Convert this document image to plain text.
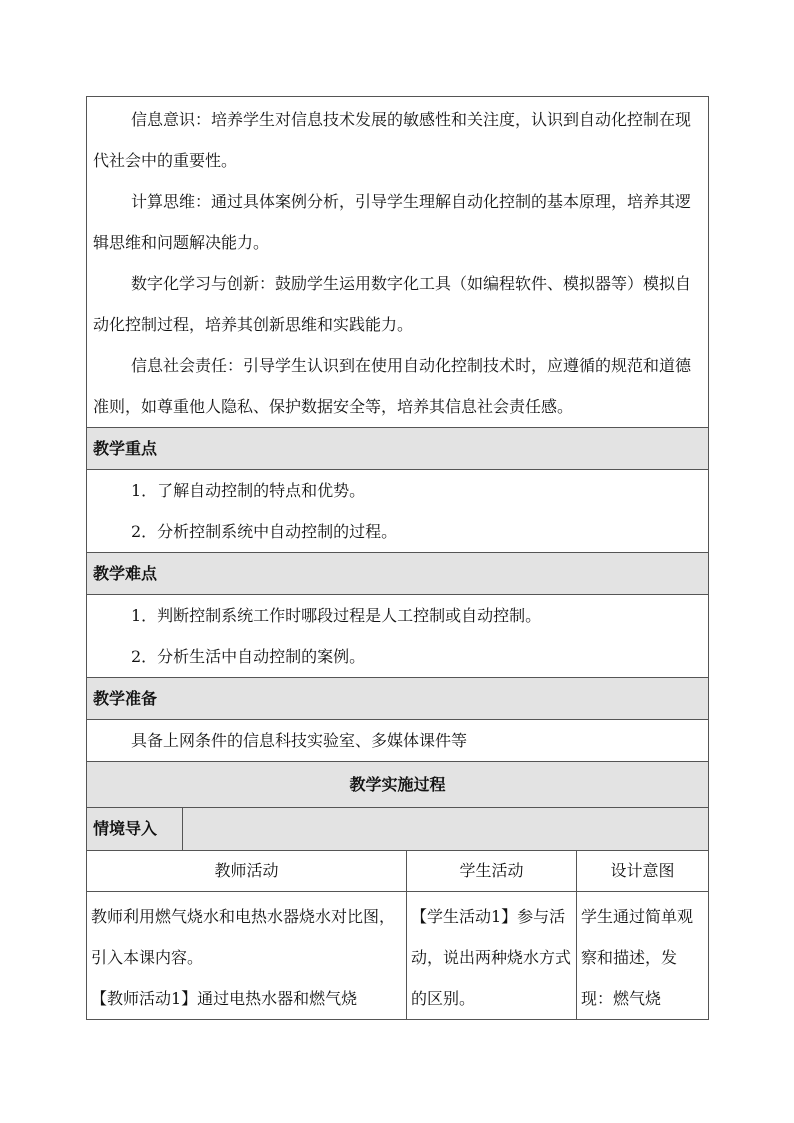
信息意识：培养学生对信息技术发展的敏感性和关注度，认识到自动化控制在现代社会中的重要性。

计算思维：通过具体案例分析，引导学生理解自动化控制的基本原理，培养其逻辑思维和问题解决能力。

数字化学习与创新：鼓励学生运用数字化工具（如编程软件、模拟器等）模拟自动化控制过程，培养其创新思维和实践能力。

信息社会责任：引导学生认识到在使用自动化控制技术时，应遵循的规范和道德准则，如尊重他人隐私、保护数据安全等，培养其信息社会责任感。			

教学重点			

1．了解自动控制的特点和优势。

2．分析控制系统中自动控制的过程。			

教学难点			

1．判断控制系统工作时哪段过程是人工控制或自动控制。

2．分析生活中自动控制的案例。			

教学准备			

具备上网条件的信息科技实验室、多媒体课件等			

教学实施过程			
情境导入			
教师活动		学生活动	设计意图

教师利用燃气烧水和电热水器烧水对比图，引入本课内容。

【教师活动1】通过电热水器和燃气烧		【学生活动1】参与活动，说出两种烧水方式的区别。	学生通过简单观察和描述，发现：燃气烧
